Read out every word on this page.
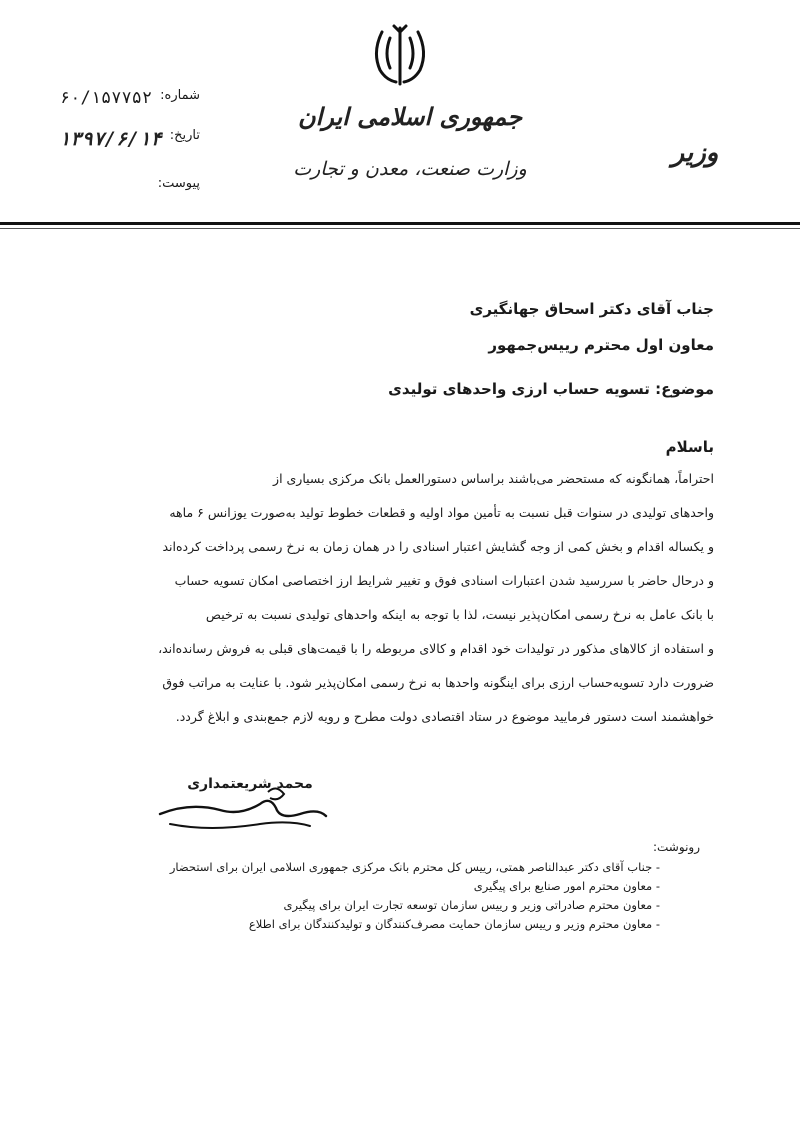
جمهوری اسلامی ایران
وزارت صنعت، معدن و تجارت
وزیر
شماره:
۶۰/۱۵۷۷۵۲
تاریخ:
۱۳۹۷/۶/۱۴
پیوست:
جناب آقای دکتر اسحاق جهانگیری
معاون اول محترم رییس‌جمهور
موضوع: تسویه حساب ارزی واحدهای تولیدی
باسلام

احتراماً، همانگونه که مستحضر می‌باشند براساس دستورالعمل بانک مرکزی بسیاری از

واحدهای تولیدی در سنوات قبل نسبت به تأمین مواد اولیه و قطعات خطوط تولید به‌صورت یوزانس ۶ ماهه

و یکساله اقدام و بخش کمی از وجه گشایش اعتبار اسنادی را در همان زمان به نرخ رسمی پرداخت کرده‌اند

و درحال حاضر با سررسید شدن اعتبارات اسنادی فوق و تغییر شرایط ارز اختصاصی امکان تسویه حساب

با بانک عامل به نرخ رسمی امکان‌پذیر نیست، لذا با توجه به اینکه واحدهای تولیدی نسبت به ترخیص

و استفاده از کالاهای مذکور در تولیدات خود اقدام و کالای مربوطه را با قیمت‌های قبلی به فروش رسانده‌اند،

ضرورت دارد تسویه‌حساب ارزی برای اینگونه واحدها به نرخ رسمی امکان‌پذیر شود. با عنایت به مراتب فوق

خواهشمند است دستور فرمایید موضوع در ستاد اقتصادی دولت مطرح و رویه لازم جمع‌بندی و ابلاغ گردد.

محمد شریعتمداری
رونوشت:
- جناب آقای دکتر عبدالناصر همتی، رییس کل محترم بانک مرکزی جمهوری اسلامی ایران برای استحضار
- معاون محترم امور صنایع برای پیگیری
- معاون محترم صادراتی وزیر و رییس سازمان توسعه تجارت ایران برای پیگیری
- معاون محترم وزیر و رییس سازمان حمایت مصرف‌کنندگان و تولیدکنندگان برای اطلاع
